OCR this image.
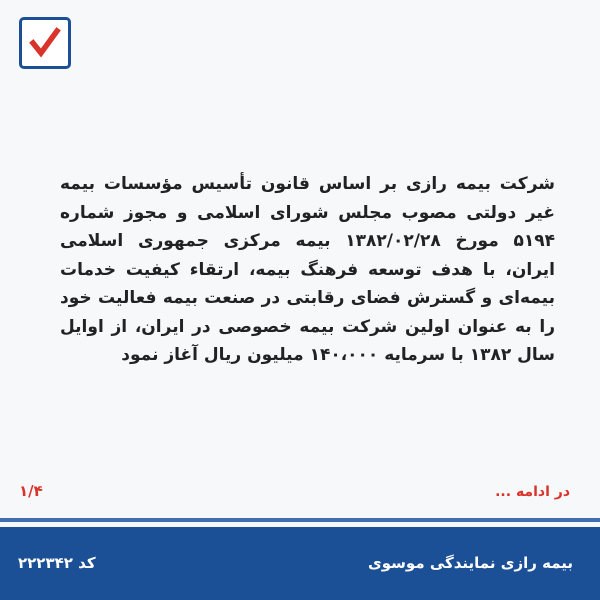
شرکت بیمه رازی بر اساس قانون تأسیس مؤسسات بیمه غیر دولتی مصوب مجلس شورای اسلامی و مجوز شماره ۵۱۹۴ مورخ ۱۳۸۲/۰۲/۲۸ بیمه مرکزی جمهوری اسلامی ایران، با هدف توسعه فرهنگ بیمه، ارتقاء کیفیت خدمات بیمه‌ای و گسترش فضای رقابتی در صنعت بیمه فعالیت خود را به عنوان اولین شرکت بیمه خصوصی در ایران، از اوایل سال ۱۳۸۲ با سرمایه ۱۴۰،۰۰۰ میلیون ریال آغاز نمود

۱/۴	در ادامه ...
بیمه رازی نمایندگی موسوی
کد ۲۲۲۳۴۲
